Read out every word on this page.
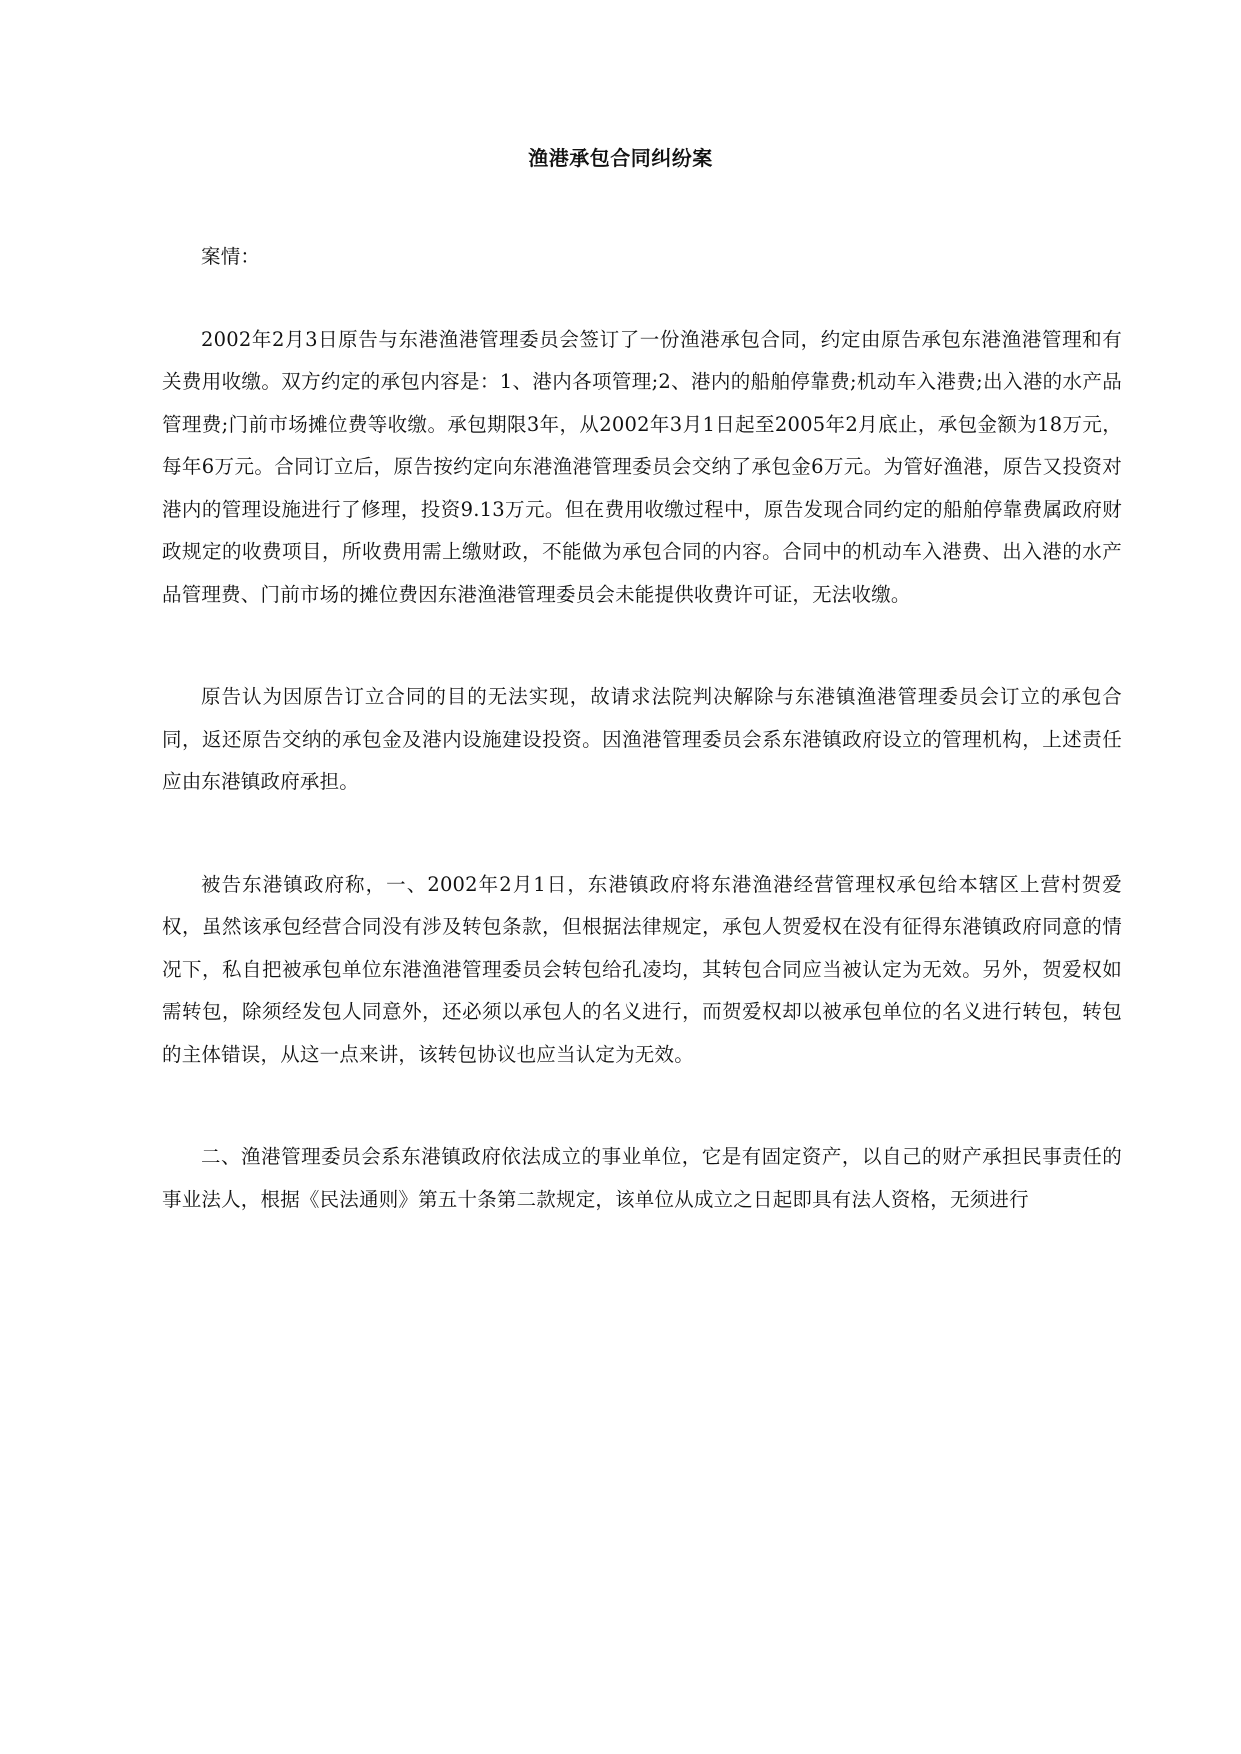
渔港承包合同纠纷案

案情：

2002年2月3日原告与东港渔港管理委员会签订了一份渔港承包合同，约定由原告承包东港渔港管理和有关费用收缴。双方约定的承包内容是：1、港内各项管理;2、港内的船舶停靠费;机动车入港费;出入港的水产品管理费;门前市场摊位费等收缴。承包期限3年，从2002年3月1日起至2005年2月底止，承包金额为18万元，每年6万元。合同订立后，原告按约定向东港渔港管理委员会交纳了承包金6万元。为管好渔港，原告又投资对港内的管理设施进行了修理，投资9.13万元。但在费用收缴过程中，原告发现合同约定的船舶停靠费属政府财政规定的收费项目，所收费用需上缴财政，不能做为承包合同的内容。合同中的机动车入港费、出入港的水产品管理费、门前市场的摊位费因东港渔港管理委员会未能提供收费许可证，无法收缴。

原告认为因原告订立合同的目的无法实现，故请求法院判决解除与东港镇渔港管理委员会订立的承包合同，返还原告交纳的承包金及港内设施建设投资。因渔港管理委员会系东港镇政府设立的管理机构，上述责任应由东港镇政府承担。

被告东港镇政府称，一、2002年2月1日，东港镇政府将东港渔港经营管理权承包给本辖区上营村贺爱权，虽然该承包经营合同没有涉及转包条款，但根据法律规定，承包人贺爱权在没有征得东港镇政府同意的情况下，私自把被承包单位东港渔港管理委员会转包给孔凌均，其转包合同应当被认定为无效。另外，贺爱权如需转包，除须经发包人同意外，还必须以承包人的名义进行，而贺爱权却以被承包单位的名义进行转包，转包的主体错误，从这一点来讲，该转包协议也应当认定为无效。

二、渔港管理委员会系东港镇政府依法成立的事业单位，它是有固定资产，以自己的财产承担民事责任的事业法人，根据《民法通则》第五十条第二款规定，该单位从成立之日起即具有法人资格，无须进行
